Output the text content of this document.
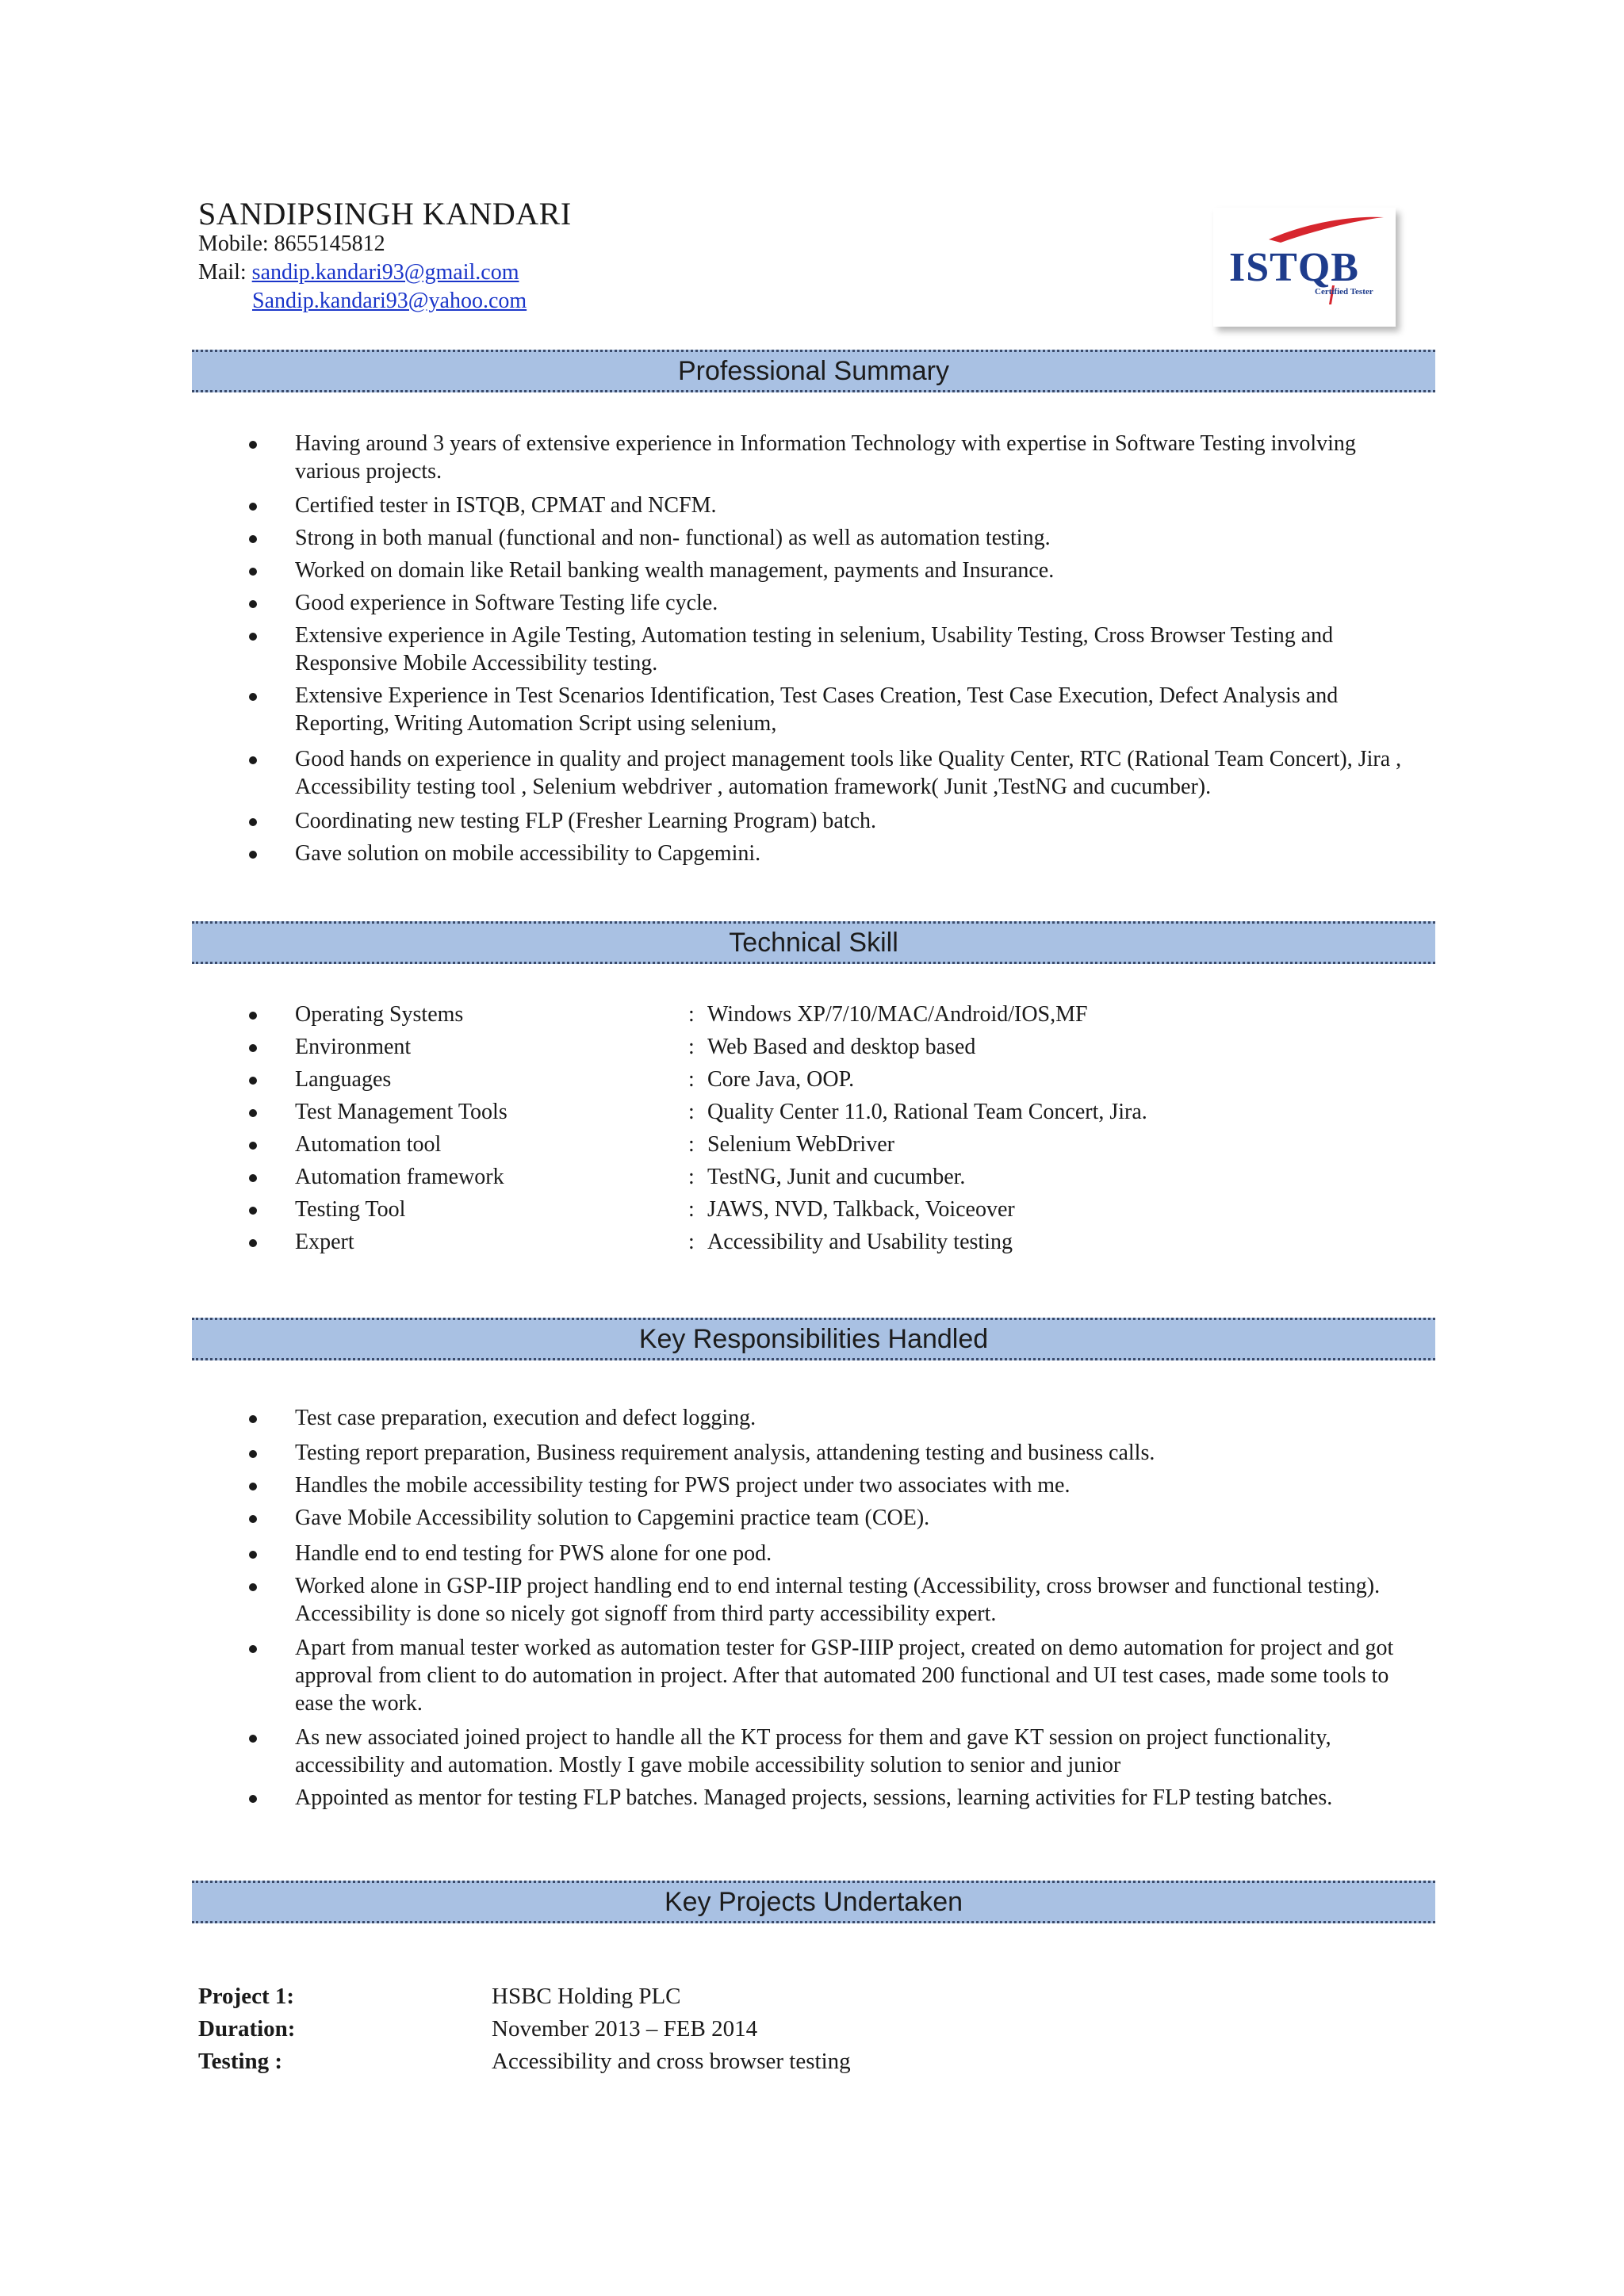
SANDIPSINGH KANDARI
Mobile: 8655145812
Mail: sandip.kandari93@gmail.com
Sandip.kandari93@yahoo.com
ISTQB
Certified Tester
Professional Summary
Having around 3 years of extensive experience in Information Technology with expertise in Software Testing involving various projects.
Certified tester in ISTQB, CPMAT and NCFM.
Strong in both manual (functional and non- functional) as well as automation testing.
Worked on domain like Retail banking wealth management, payments and Insurance.
Good experience in Software Testing life cycle.
Extensive experience in Agile Testing, Automation testing in selenium, Usability Testing, Cross Browser Testing and Responsive Mobile Accessibility testing.
Extensive Experience in Test Scenarios Identification, Test Cases Creation, Test Case Execution, Defect Analysis and Reporting, Writing Automation Script using selenium,
Good hands on experience in quality and project management tools like Quality Center, RTC (Rational Team Concert), Jira , Accessibility testing tool , Selenium webdriver , automation framework( Junit ,TestNG and cucumber).
Coordinating new testing FLP (Fresher Learning Program) batch.
Gave solution on mobile accessibility to Capgemini.
Technical Skill
Operating Systems	: Windows XP/7/10/MAC/Android/IOS,MF
Environment	: Web Based and desktop based
Languages	: Core Java, OOP.
Test Management Tools	: Quality Center 11.0, Rational Team Concert, Jira.
Automation tool	: Selenium WebDriver
Automation framework	: TestNG, Junit and cucumber.
Testing Tool	: JAWS, NVD, Talkback, Voiceover
Expert	: Accessibility and Usability testing
Key Responsibilities Handled
Test case preparation, execution and defect logging.
Testing report preparation, Business requirement analysis, attandening testing and business calls.
Handles the mobile accessibility testing for PWS project under two associates with me.
Gave Mobile Accessibility solution to Capgemini practice team (COE).
Handle end to end testing for PWS alone for one pod.
Worked alone in GSP-IIP project handling end to end internal testing (Accessibility, cross browser and functional testing). Accessibility is done so nicely got signoff from third party accessibility expert.
Apart from manual tester worked as automation tester for GSP-IIIP project, created on demo automation for project and got approval from client to do automation in project. After that automated 200 functional and UI test cases, made some tools to ease the work.
As new associated joined project to handle all the KT process for them and gave KT session on project functionality, accessibility and automation. Mostly I gave mobile accessibility solution to senior and junior
Appointed as mentor for testing FLP batches. Managed projects, sessions, learning activities for FLP testing batches.
Key Projects Undertaken
Project 1:	HSBC Holding PLC
Duration:	November 2013 – FEB 2014
Testing :	Accessibility and cross browser testing
